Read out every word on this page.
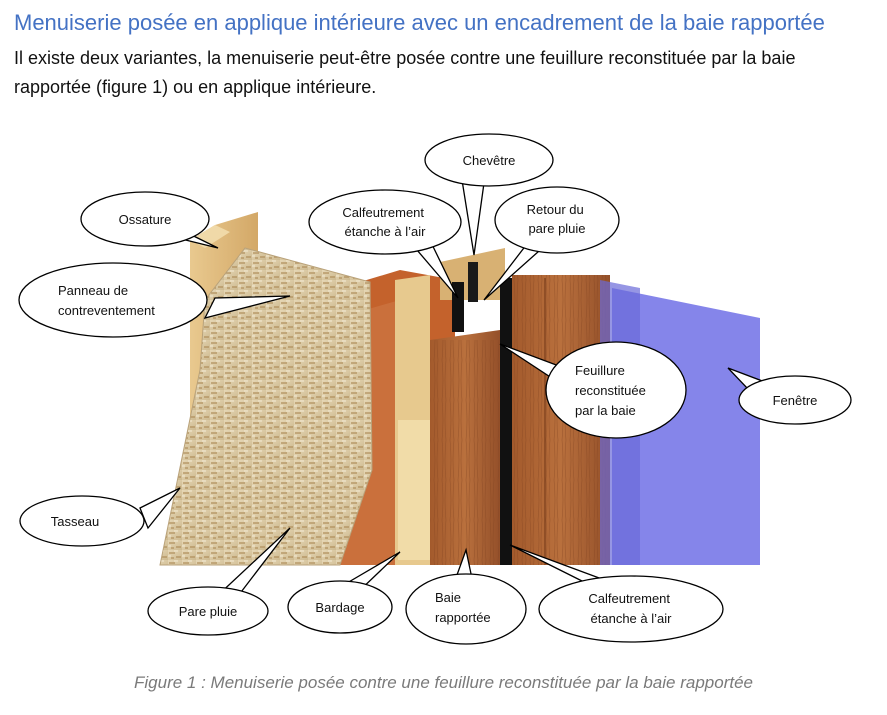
Menuiserie posée en applique intérieure avec un encadrement de la baie rapportée
Il existe deux variantes, la menuiserie peut-être posée contre une feuillure reconstituée par la baie rapportée (figure 1) ou en applique intérieure.
Chevêtre
Ossature	Calfeutrement étanche à l’air
Retour du pare pluie
Panneau de contreventement
Feuillure reconstituée par la baie
Fenêtre
Tasseau
Pare pluie	Bardage
Baie rapportée
Calfeutrement étanche à l’air
Figure 1 : Menuiserie posée contre une feuillure reconstituée par la baie rapportée
